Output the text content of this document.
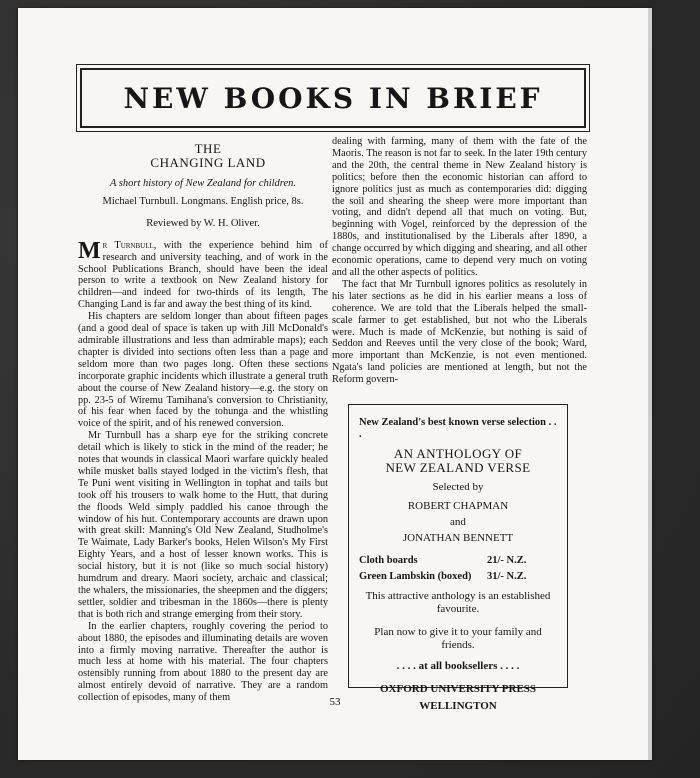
NEW BOOKS IN BRIEF

THE

CHANGING LAND

A short history of New Zealand for children.
Michael Turnbull. Longmans. English price, 8s.
Reviewed by W. H. Oliver.

Mr Turnbull, with the experience behind him of research and university teaching, and of work in the School Publications Branch, should have been the ideal person to write a textbook on New Zealand history for children—and indeed for two-thirds of its length, The Changing Land is far and away the best thing of its kind.

His chapters are seldom longer than about fifteen pages (and a good deal of space is taken up with Jill McDonald's admirable illustrations and less than admirable maps); each chapter is divided into sections often less than a page and seldom more than two pages long. Often these sections incorporate graphic incidents which illustrate a general truth about the course of New Zealand history—e.g. the story on pp. 23-5 of Wiremu Tamihana's conversion to Christianity, of his fear when faced by the tohunga and the whistling voice of the spirit, and of his renewed conversion.

Mr Turnbull has a sharp eye for the striking concrete detail which is likely to stick in the mind of the reader; he notes that wounds in classical Maori warfare quickly healed while musket balls stayed lodged in the victim's flesh, that Te Puni went visiting in Wellington in tophat and tails but took off his trousers to walk home to the Hutt, that during the floods Weld simply paddled his canoe through the window of his hut. Contemporary accounts are drawn upon with great skill: Manning's Old New Zealand, Studholme's Te Waimate, Lady Barker's books, Helen Wilson's My First Eighty Years, and a host of lesser known works. This is social history, but it is not (like so much social history) humdrum and dreary. Maori society, archaic and classical; the whalers, the missionaries, the sheepmen and the diggers; settler, soldier and tribesman in the 1860s—there is plenty that is both rich and strange emerging from their story.

In the earlier chapters, roughly covering the period to about 1880, the episodes and illuminating details are woven into a firmly moving narrative. Thereafter the author is much less at home with his material. The four chapters ostensibly running from about 1880 to the present day are almost entirely devoid of narrative. They are a random collection of episodes, many of them

dealing with farming, many of them with the fate of the Maoris. The reason is not far to seek. In the later 19th century and the 20th, the central theme in New Zealand history is politics; before then the economic historian can afford to ignore politics just as much as contemporaries did: digging the soil and shearing the sheep were more important than voting, and didn't depend all that much on voting. But, beginning with Vogel, reinforced by the depression of the 1880s, and institutionalised by the Liberals after 1890, a change occurred by which digging and shearing, and all other economic operations, came to depend very much on voting and all the other aspects of politics.

The fact that Mr Turnbull ignores politics as resolutely in his later sections as he did in his earlier means a loss of coherence. We are told that the Liberals helped the small-scale farmer to get established, but not who the Liberals were. Much is made of McKenzie, but nothing is said of Seddon and Reeves until the very close of the book; Ward, more important than McKenzie, is not even mentioned. Ngata's land policies are mentioned at length, but not the Reform govern-

New Zealand's best known verse selection . . .
AN ANTHOLOGY OF
NEW ZEALAND VERSE
Selected by
ROBERT CHAPMAN
and
JONATHAN BENNETT
Cloth boards	21/- N.Z.
Green Lambskin (boxed) 31/- N.Z.
This attractive anthology is an established favourite.
Plan now to give it to your family and friends.
. . . . at all booksellers . . . .
OXFORD UNIVERSITY PRESS
WELLINGTON
53
